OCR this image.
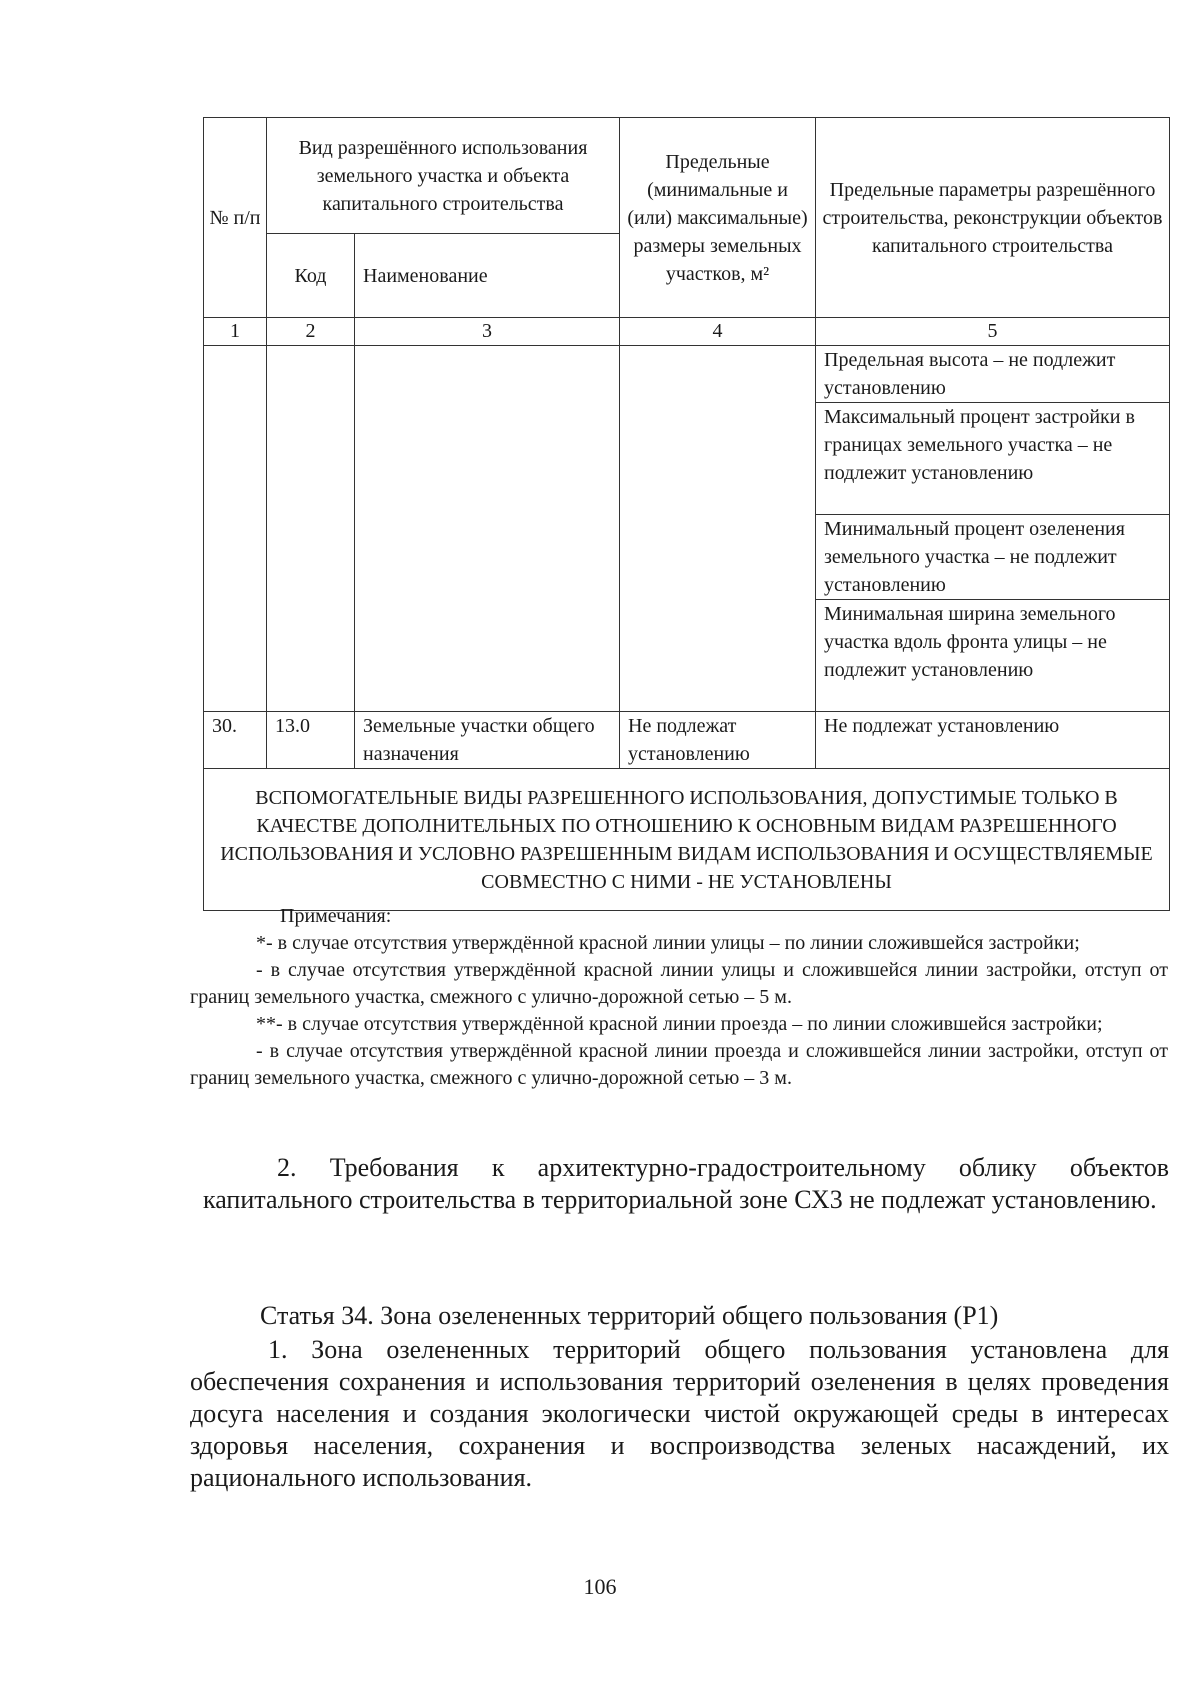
№ п/п	Вид разрешённого использования земельного участка и объекта капитального строительства		Предельные (минимальные и (или) максимальные) размеры земельных участков, м²	Предельные параметры разрешённого строительства, реконструкции объектов капитального строительства
	Код	Наименование		
1	2	3	4	5
				Предельная высота – не подлежит установлению
				Максимальный процент застройки в границах земельного участка – не подлежит установлению
				Минимальный процент озеленения земельного участка – не подлежит установлению
				Минимальная ширина земельного участка вдоль фронта улицы – не подлежит установлению
30.	13.0	Земельные участки общего назначения	Не подлежат установлению	Не подлежат установлению
ВСПОМОГАТЕЛЬНЫЕ ВИДЫ РАЗРЕШЕННОГО ИСПОЛЬЗОВАНИЯ, ДОПУСТИМЫЕ ТОЛЬКО В КАЧЕСТВЕ ДОПОЛНИТЕЛЬНЫХ ПО ОТНОШЕНИЮ К ОСНОВНЫМ ВИДАМ РАЗРЕШЕННОГО ИСПОЛЬЗОВАНИЯ И УСЛОВНО РАЗРЕШЕННЫМ ВИДАМ ИСПОЛЬЗОВАНИЯ И ОСУЩЕСТВЛЯЕМЫЕ СОВМЕСТНО С НИМИ - НЕ УСТАНОВЛЕНЫ				

Примечания:

*- в случае отсутствия утверждённой красной линии улицы – по линии сложившейся застройки;

- в случае отсутствия утверждённой красной линии улицы и сложившейся линии застройки, отступ от границ земельного участка, смежного с улично-дорожной сетью – 5 м.

**- в случае отсутствия утверждённой красной линии проезда – по линии сложившейся застройки;

- в случае отсутствия утверждённой красной линии проезда и сложившейся линии застройки, отступ от границ земельного участка, смежного с улично-дорожной сетью – 3 м.

2. Требования к архитектурно-градостроительному облику объектов капитального строительства в территориальной зоне СХ3 не подлежат установлению.

Статья 34. Зона озелененных территорий общего пользования (Р1)

1. Зона озелененных территорий общего пользования установлена для обеспечения сохранения и использования территорий озеленения в целях проведения досуга населения и создания экологически чистой окружающей среды в интересах здоровья населения, сохранения и воспроизводства зеленых насаждений, их рационального использования.

106
